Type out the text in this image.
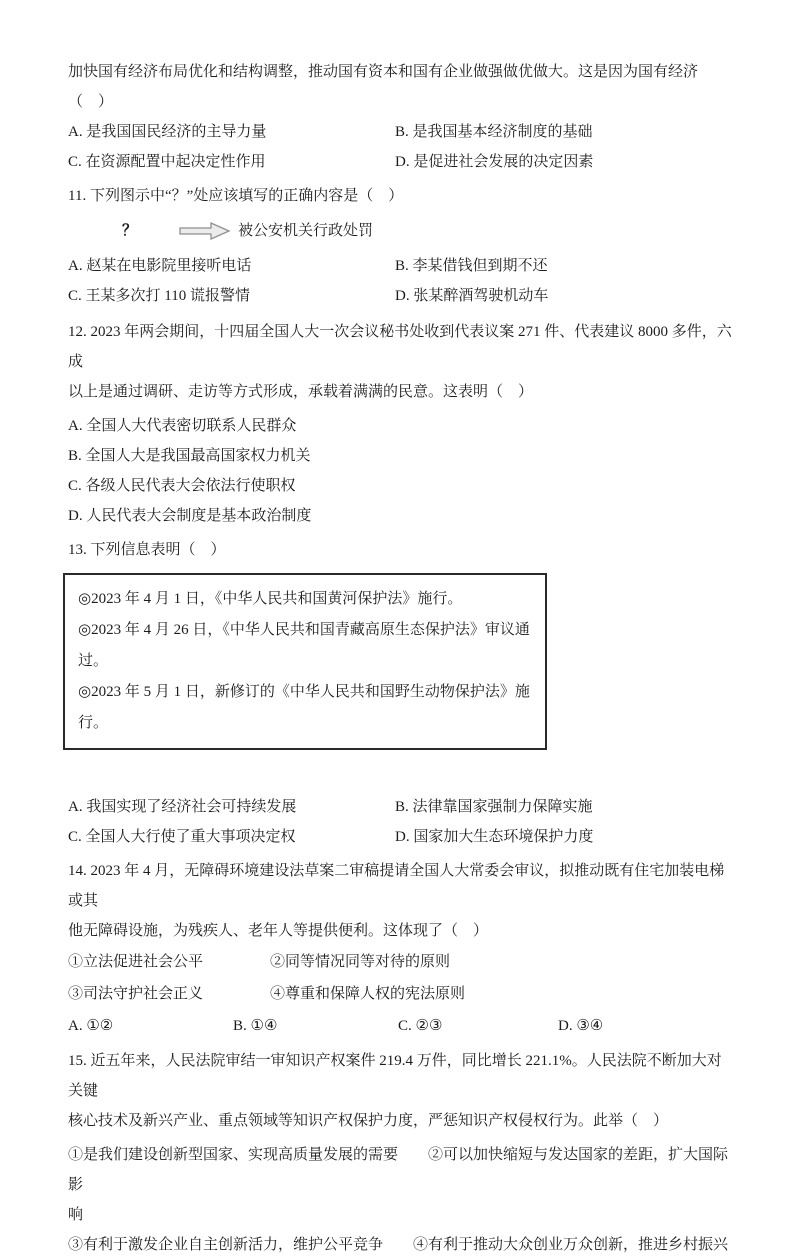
加快国有经济布局优化和结构调整，推动国有资本和国有企业做强做优做大。这是因为国有经济（　）

A. 是我国国民经济的主导力量	B. 是我国基本经济制度的基础
C. 在资源配置中起决定性作用	D. 是促进社会发展的决定因素

11. 下列图示中“？”处应该填写的正确内容是（　）

？	被公安机关行政处罚
A. 赵某在电影院里接听电话	B. 李某借钱但到期不还
C. 王某多次打 110 谎报警情	D. 张某醉酒驾驶机动车

12. 2023 年两会期间，十四届全国人大一次会议秘书处收到代表议案 271 件、代表建议 8000 多件，六成

以上是通过调研、走访等方式形成，承载着满满的民意。这表明（　）

A. 全国人大代表密切联系人民群众

B. 全国人大是我国最高国家权力机关

C. 各级人民代表大会依法行使职权

D. 人民代表大会制度是基本政治制度

13. 下列信息表明（　）

◎2023 年 4 月 1 日，《中华人民共和国黄河保护法》施行。

◎2023 年 4 月 26 日，《中华人民共和国青藏高原生态保护法》审议通过。

◎2023 年 5 月 1 日，新修订的《中华人民共和国野生动物保护法》施行。

A. 我国实现了经济社会可持续发展	B. 法律靠国家强制力保障实施
C. 全国人大行使了重大事项决定权	D. 国家加大生态环境保护力度

14. 2023 年 4 月，无障碍环境建设法草案二审稿提请全国人大常委会审议，拟推动既有住宅加装电梯或其

他无障碍设施，为残疾人、老年人等提供便利。这体现了（　）

①立法促进社会公平	②同等情况同等对待的原则
③司法守护社会正义	④尊重和保障人权的宪法原则
A. ①②	B. ①④	C. ②③	D. ③④

15. 近五年来，人民法院审结一审知识产权案件 219.4 万件，同比增长 221.1%。人民法院不断加大对关键

核心技术及新兴产业、重点领域等知识产权保护力度，严惩知识产权侵权行为。此举（　）

①是我们建设创新型国家、实现高质量发展的需要　　②可以加快缩短与发达国家的差距，扩大国际影

响

③有利于激发企业自主创新活力，维护公平竞争　　④有利于推动大众创业万众创新，推进乡村振兴
